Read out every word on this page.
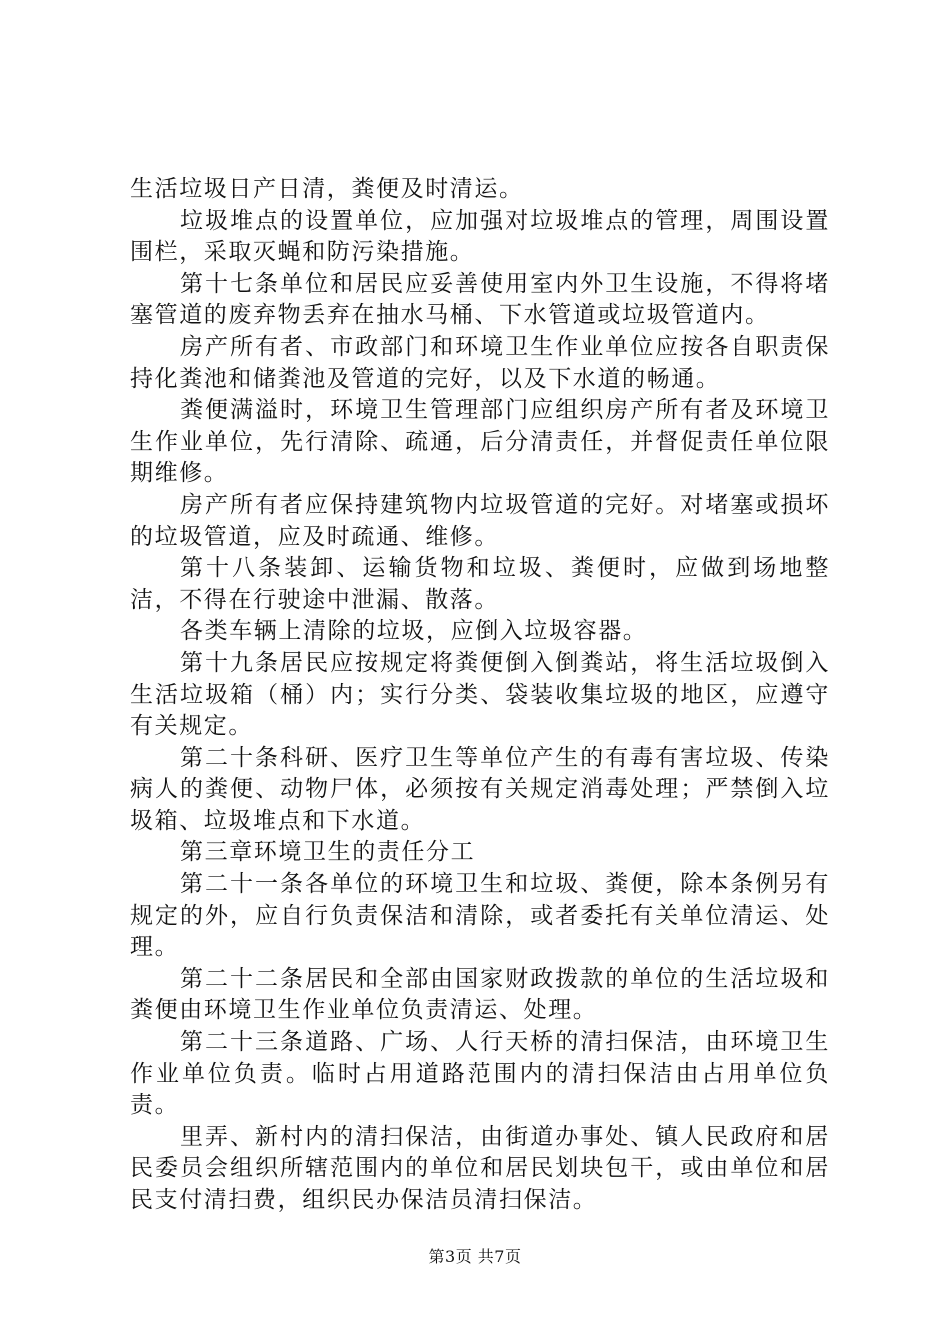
生活垃圾日产日清，粪便及时清运。

垃圾堆点的设置单位，应加强对垃圾堆点的管理，周围设置围栏，采取灭蝇和防污染措施。

第十七条单位和居民应妥善使用室内外卫生设施，不得将堵塞管道的废弃物丢弃在抽水马桶、下水管道或垃圾管道内。

房产所有者、市政部门和环境卫生作业单位应按各自职责保持化粪池和储粪池及管道的完好，以及下水道的畅通。

粪便满溢时，环境卫生管理部门应组织房产所有者及环境卫生作业单位，先行清除、疏通，后分清责任，并督促责任单位限期维修。

房产所有者应保持建筑物内垃圾管道的完好。对堵塞或损坏的垃圾管道，应及时疏通、维修。

第十八条装卸、运输货物和垃圾、粪便时，应做到场地整洁，不得在行驶途中泄漏、散落。

各类车辆上清除的垃圾，应倒入垃圾容器。

第十九条居民应按规定将粪便倒入倒粪站，将生活垃圾倒入生活垃圾箱（桶）内；实行分类、袋装收集垃圾的地区，应遵守有关规定。

第二十条科研、医疗卫生等单位产生的有毒有害垃圾、传染病人的粪便、动物尸体，必须按有关规定消毒处理；严禁倒入垃圾箱、垃圾堆点和下水道。

第三章环境卫生的责任分工

第二十一条各单位的环境卫生和垃圾、粪便，除本条例另有规定的外，应自行负责保洁和清除，或者委托有关单位清运、处理。

第二十二条居民和全部由国家财政拨款的单位的生活垃圾和粪便由环境卫生作业单位负责清运、处理。

第二十三条道路、广场、人行天桥的清扫保洁，由环境卫生作业单位负责。临时占用道路范围内的清扫保洁由占用单位负责。

里弄、新村内的清扫保洁，由街道办事处、镇人民政府和居民委员会组织所辖范围内的单位和居民划块包干，或由单位和居民支付清扫费，组织民办保洁员清扫保洁。

第3页 共7页
